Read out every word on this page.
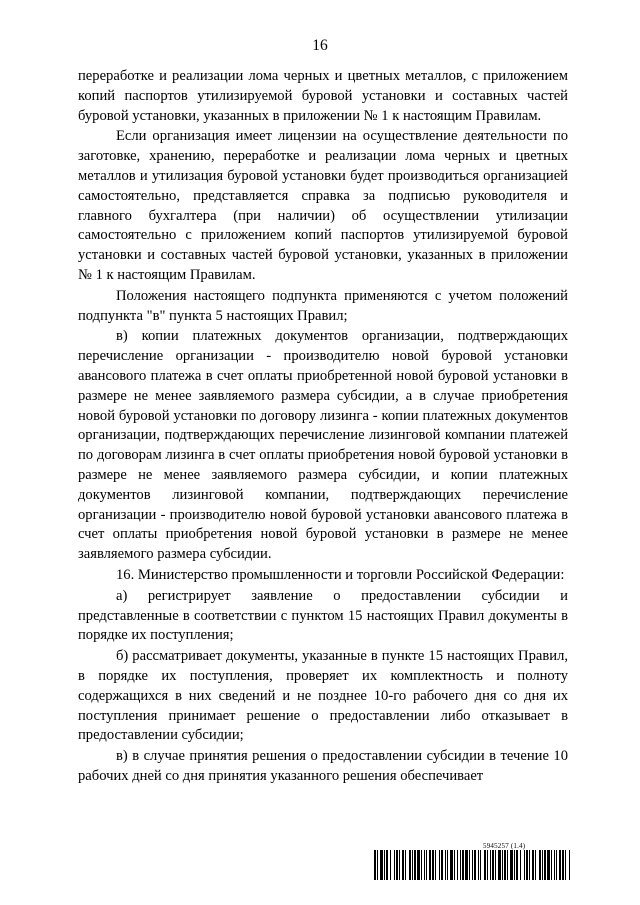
16

переработке и реализации лома черных и цветных металлов, с приложением копий паспортов утилизируемой буровой установки и составных частей буровой установки, указанных в приложении № 1 к настоящим Правилам.

Если организация имеет лицензии на осуществление деятельности по заготовке, хранению, переработке и реализации лома черных и цветных металлов и утилизация буровой установки будет производиться организацией самостоятельно, представляется справка за подписью руководителя и главного бухгалтера (при наличии) об осуществлении утилизации самостоятельно с приложением копий паспортов утилизируемой буровой установки и составных частей буровой установки, указанных в приложении № 1 к настоящим Правилам.

Положения настоящего подпункта применяются с учетом положений подпункта "в" пункта 5 настоящих Правил;

в) копии платежных документов организации, подтверждающих перечисление организации - производителю новой буровой установки авансового платежа в счет оплаты приобретенной новой буровой установки в размере не менее заявляемого размера субсидии, а в случае приобретения новой буровой установки по договору лизинга - копии платежных документов организации, подтверждающих перечисление лизинговой компании платежей по договорам лизинга в счет оплаты приобретения новой буровой установки в размере не менее заявляемого размера субсидии, и копии платежных документов лизинговой компании, подтверждающих перечисление организации - производителю новой буровой установки авансового платежа в счет оплаты приобретения новой буровой установки в размере не менее заявляемого размера субсидии.

16. Министерство промышленности и торговли Российской Федерации:

а) регистрирует заявление о предоставлении субсидии и представленные в соответствии с пунктом 15 настоящих Правил документы в порядке их поступления;

б) рассматривает документы, указанные в пункте 15 настоящих Правил, в порядке их поступления, проверяет их комплектность и полноту содержащихся в них сведений и не позднее 10-го рабочего дня со дня их поступления принимает решение о предоставлении либо отказывает в предоставлении субсидии;

в) в случае принятия решения о предоставлении субсидии в течение 10 рабочих дней со дня принятия указанного решения обеспечивает

5945257 (1.4)
